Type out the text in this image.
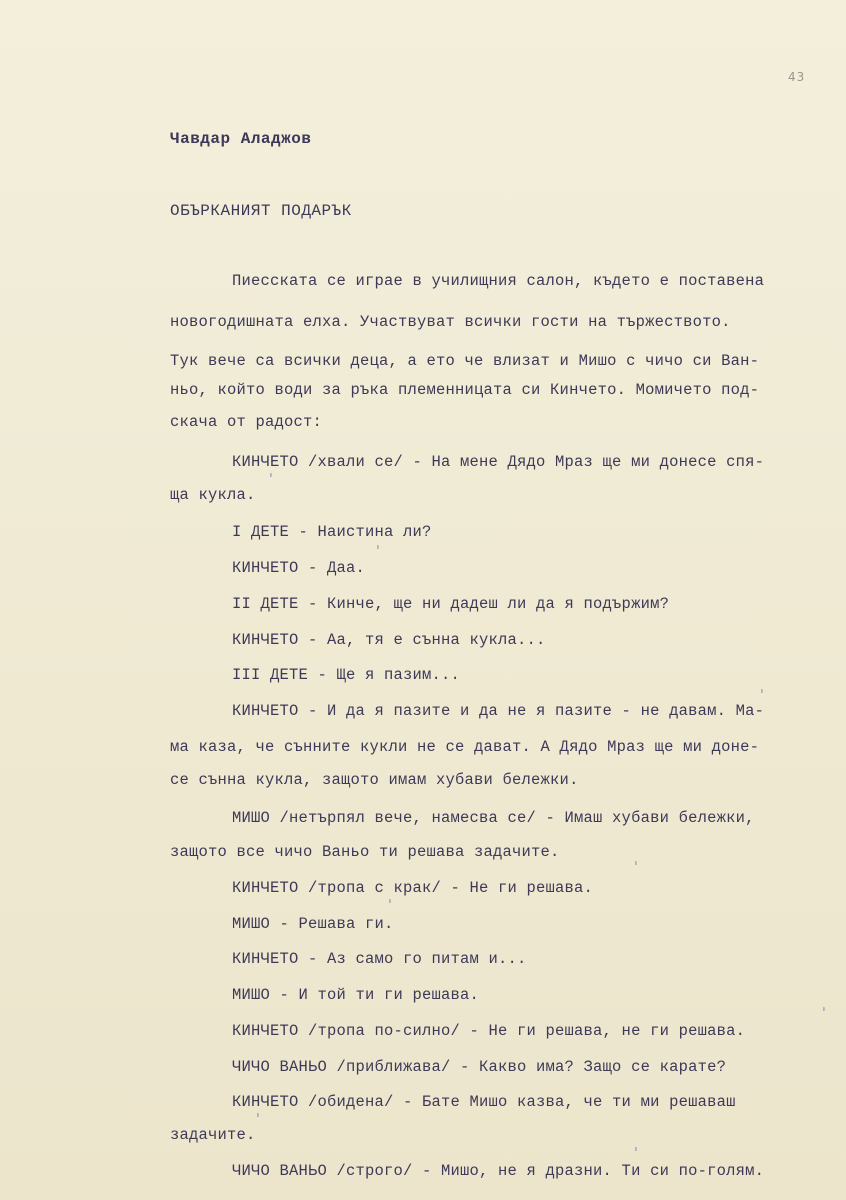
43
Чавдар Аладжов
ОБЪРКАНИЯТ ПОДАРЪК
Пиесската се играе в училищния салон, където е поставена
новогодишната елха. Участвуват всички гости на тържеството.
Тук вече са всички деца, а ето че влизат и Мишо с чичо си Ван-
ньо, който води за ръка племенницата си Кинчето. Момичето под-
скача от радост:
КИНЧЕТО /хвали се/ - На мене Дядо Мраз ще ми донесе спя-
ща кукла.
I ДЕТЕ - Наистина ли?
КИНЧЕТО - Даа.
II ДЕТЕ - Кинче, ще ни дадеш ли да я подържим?
КИНЧЕТО - Аа, тя е сънна кукла...
III ДЕТЕ - Ще я пазим...
КИНЧЕТО - И да я пазите и да не я пазите - не давам. Ма-
ма каза, че сънните кукли не се дават. А Дядо Мраз ще ми доне-
се сънна кукла, защото имам хубави бележки.
МИШО /нетърпял вече, намесва се/ - Имаш хубави бележки,
защото все чичо Ваньо ти решава задачите.
КИНЧЕТО /тропа с крак/ - Не ги решава.
МИШО - Решава ги.
КИНЧЕТО - Аз само го питам и...
МИШО - И той ти ги решава.
КИНЧЕТО /тропа по-силно/ - Не ги решава, не ги решава.
ЧИЧО ВАНЬО /приближава/ - Какво има? Защо се карате?
КИНЧЕТО /обидена/ - Бате Мишо казва, че ти ми решаваш
задачите.
ЧИЧО ВАНЬО /строго/ - Мишо, не я дразни. Ти си по-голям.
ˈ
ˈ
ˈ
ˈ
ˈ
ˈ
ˈ
ˈ
